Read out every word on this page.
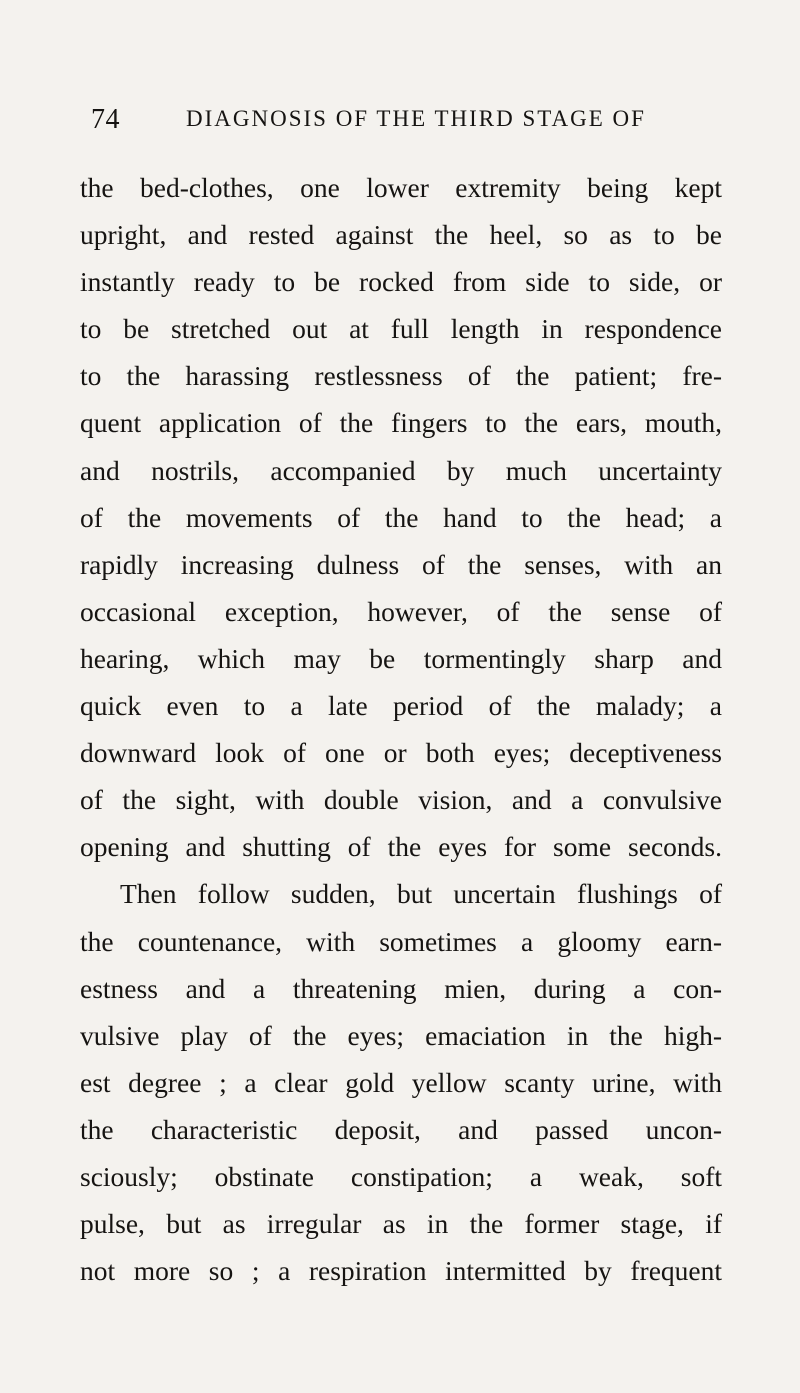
74	DIAGNOSIS OF THE THIRD STAGE OF
the bed-clothes, one lower extremity being kept
upright, and rested against the heel, so as to be
instantly ready to be rocked from side to side, or
to be stretched out at full length in respondence
to the harassing restlessness of the patient; fre-
quent application of the fingers to the ears, mouth,
and nostrils, accompanied by much uncertainty
of the movements of the hand to the head; a
rapidly increasing dulness of the senses, with an
occasional exception, however, of the sense of
hearing, which may be tormentingly sharp and
quick even to a late period of the malady; a
downward look of one or both eyes; deceptiveness
of the sight, with double vision, and a convulsive
opening and shutting of the eyes for some seconds.
Then follow sudden, but uncertain flushings of
the countenance, with sometimes a gloomy earn-
estness and a threatening mien, during a con-
vulsive play of the eyes; emaciation in the high-
est degree ; a clear gold yellow scanty urine, with
the characteristic deposit, and passed uncon-
sciously; obstinate constipation; a weak, soft
pulse, but as irregular as in the former stage, if
not more so ; a respiration intermitted by frequent
